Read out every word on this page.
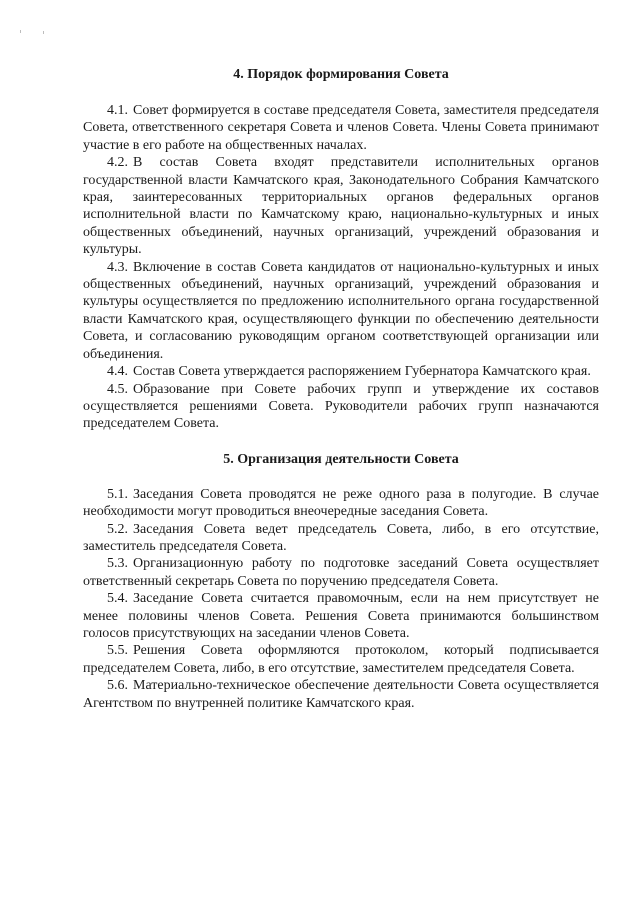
4. Порядок формирования Совета

4.1. Совет формируется в составе председателя Совета, заместителя председателя Совета, ответственного секретаря Совета и членов Совета. Члены Совета принимают участие в его работе на общественных началах.

4.2. В состав Совета входят представители исполнительных органов государственной власти Камчатского края, Законодательного Собрания Камчатского края, заинтересованных территориальных органов федеральных органов исполнительной власти по Камчатскому краю, национально-культурных и иных общественных объединений, научных организаций, учреждений образования и культуры.

4.3. Включение в состав Совета кандидатов от национально-культурных и иных общественных объединений, научных организаций, учреждений образования и культуры осуществляется по предложению исполнительного органа государственной власти Камчатского края, осуществляющего функции по обеспечению деятельности Совета, и согласованию руководящим органом соответствующей организации или объединения.

4.4. Состав Совета утверждается распоряжением Губернатора Камчатского края.

4.5. Образование при Совете рабочих групп и утверждение их составов осуществляется решениями Совета. Руководители рабочих групп назначаются председателем Совета.

5. Организация деятельности Совета

5.1. Заседания Совета проводятся не реже одного раза в полугодие. В случае необходимости могут проводиться внеочередные заседания Совета.

5.2. Заседания Совета ведет председатель Совета, либо, в его отсутствие, заместитель председателя Совета.

5.3. Организационную работу по подготовке заседаний Совета осуществляет ответственный секретарь Совета по поручению председателя Совета.

5.4. Заседание Совета считается правомочным, если на нем присутствует не менее половины членов Совета. Решения Совета принимаются большинством голосов присутствующих на заседании членов Совета.

5.5. Решения Совета оформляются протоколом, который подписывается председателем Совета, либо, в его отсутствие, заместителем председателя Совета.

5.6. Материально-техническое обеспечение деятельности Совета осуществляется Агентством по внутренней политике Камчатского края.
